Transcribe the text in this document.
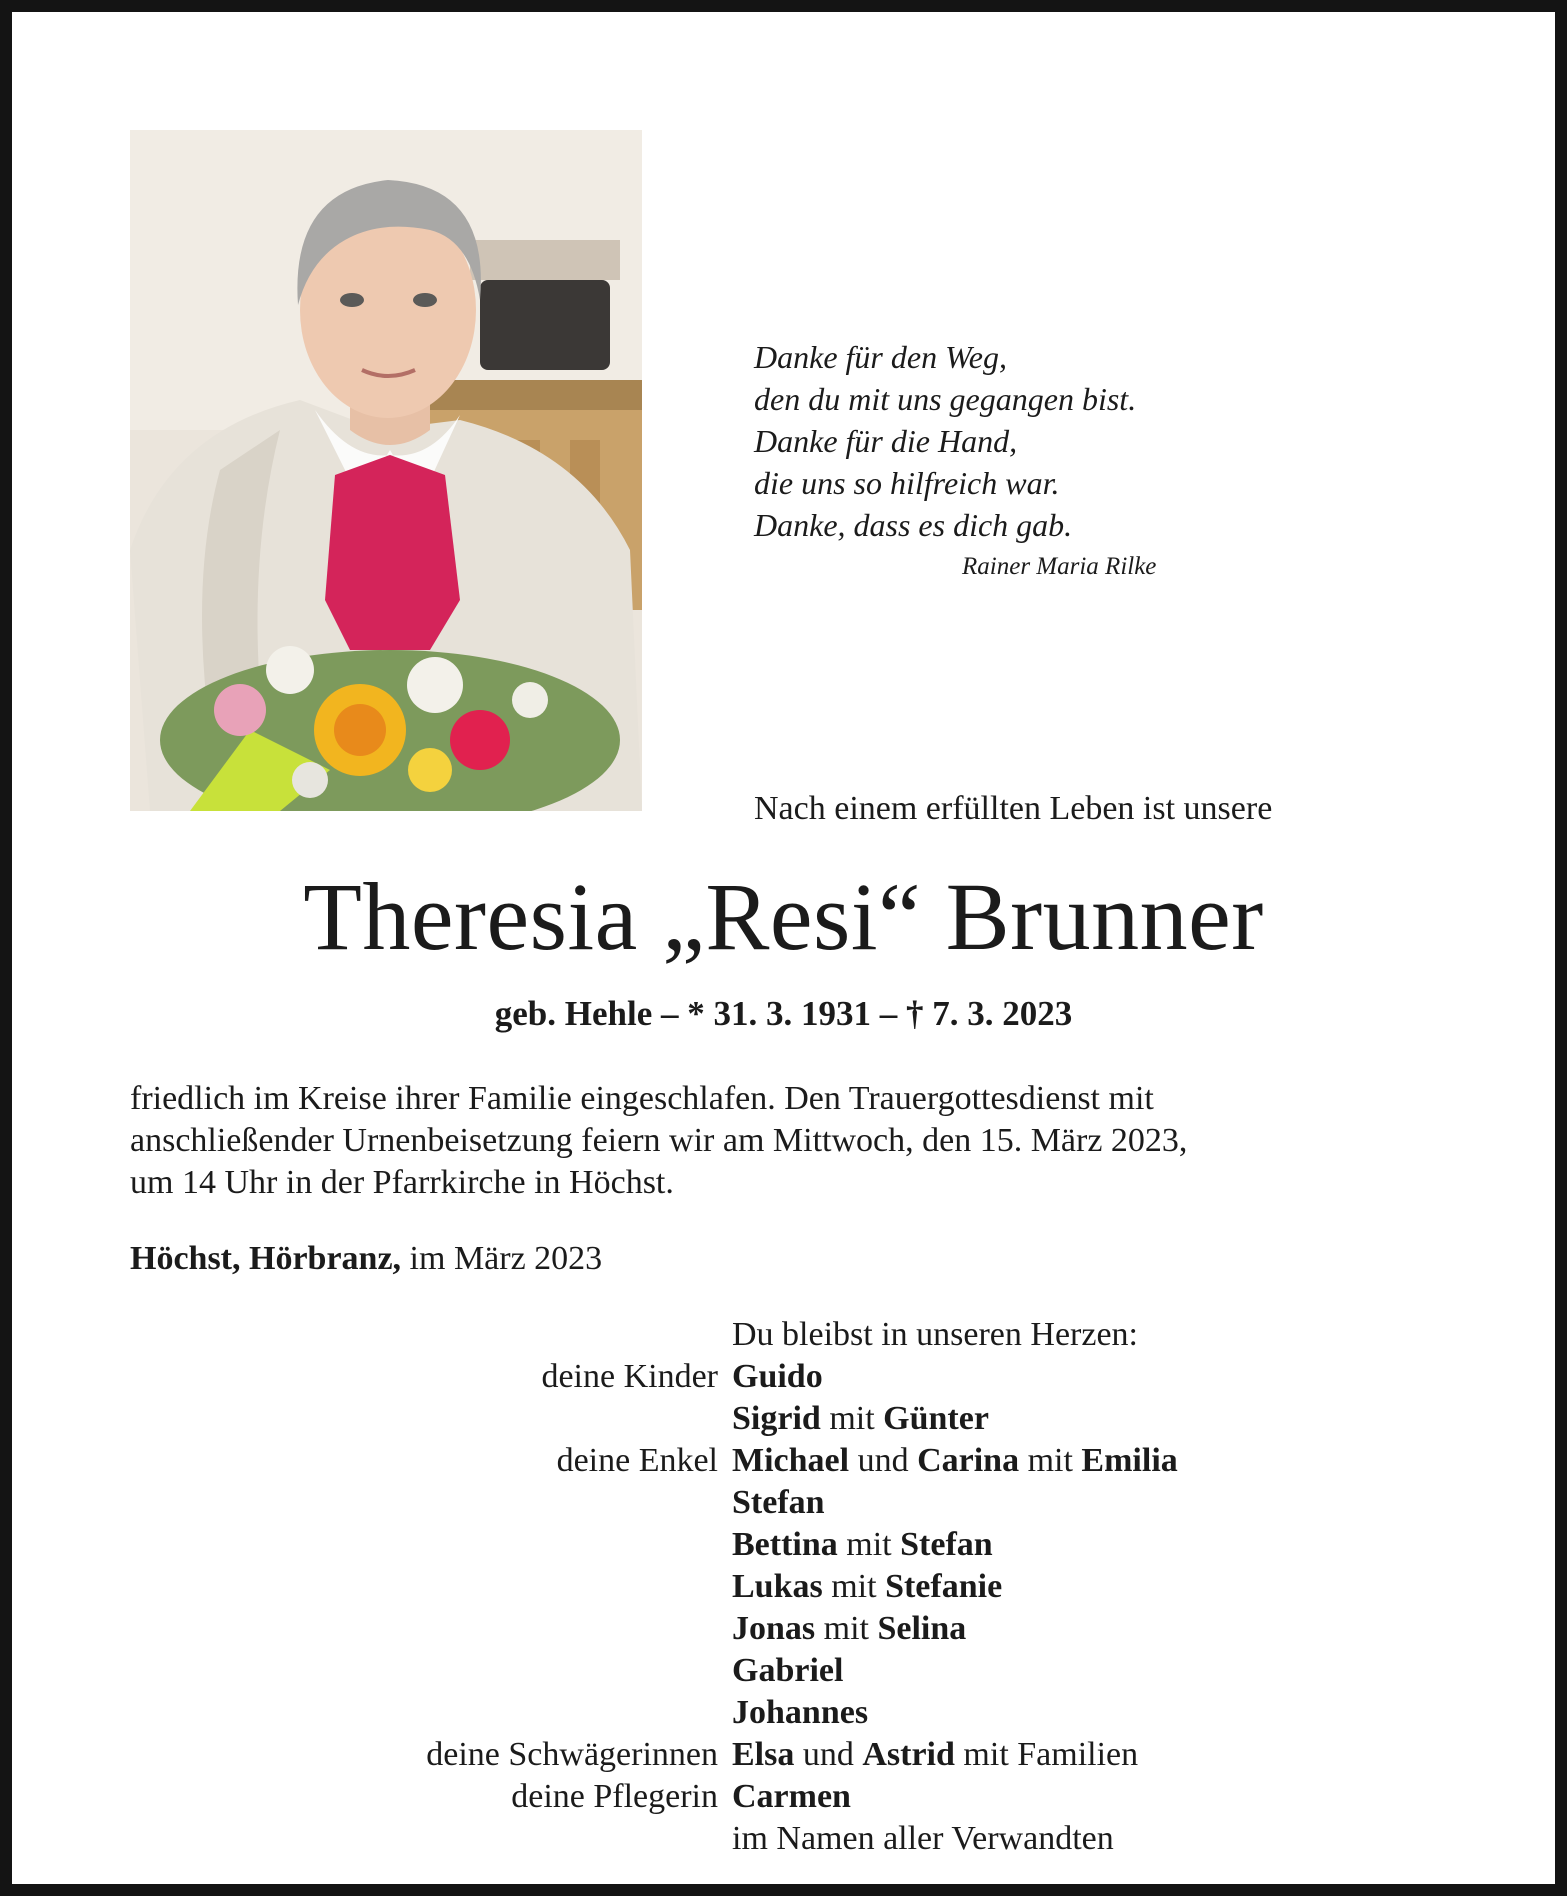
Danke für den Weg,
den du mit uns gegangen bist.
Danke für die Hand,
die uns so hilfreich war.
Danke, dass es dich gab.
Rainer Maria Rilke
Nach einem erfüllten Leben ist unsere
Theresia „Resi“ Brunner
geb. Hehle – * 31. 3. 1931 – † 7. 3. 2023
friedlich im Kreise ihrer Familie eingeschlafen. Den Trauergottesdienst mit
anschließender Urnenbeisetzung feiern wir am Mittwoch, den 15. März 2023,
um 14 Uhr in der Pfarrkirche in Höchst.
Höchst, Hörbranz, im März 2023
Du bleibst in unseren Herzen:
deine Kinder Guido
Sigrid mit Günter
deine Enkel Michael und Carina mit Emilia
Stefan
Bettina mit Stefan
Lukas mit Stefanie
Jonas mit Selina
Gabriel
Johannes
deine Schwägerinnen Elsa und Astrid mit Familien
deine Pflegerin Carmen
im Namen aller Verwandten
